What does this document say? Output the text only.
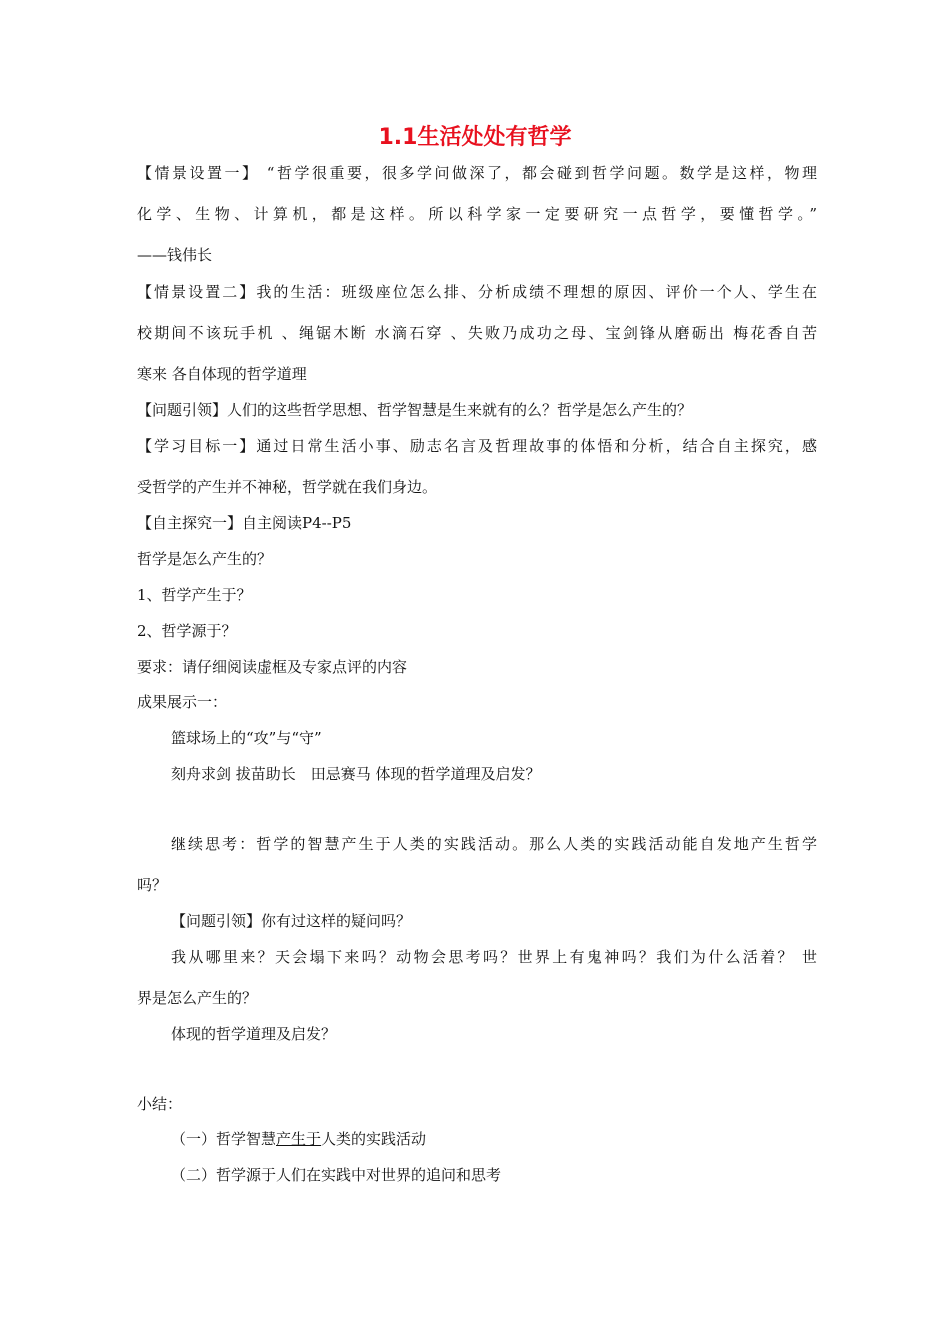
1.1生活处处有哲学
【情景设置一】 “哲学很重要，很多学问做深了，都会碰到哲学问题。数学是这样，物理
化学、生物、计算机，都是这样。所以科学家一定要研究一点哲学，要懂哲学。”
——钱伟长
【情景设置二】我的生活：班级座位怎么排、分析成绩不理想的原因、评价一个人、学生在
校期间不该玩手机 、绳锯木断 水滴石穿 、失败乃成功之母、宝剑锋从磨砺出 梅花香自苦
寒来 各自体现的哲学道理
【问题引领】人们的这些哲学思想、哲学智慧是生来就有的么？哲学是怎么产生的？
【学习目标一】通过日常生活小事、励志名言及哲理故事的体悟和分析，结合自主探究，感
受哲学的产生并不神秘，哲学就在我们身边。
【自主探究一】自主阅读P4--P5
哲学是怎么产生的？
1、哲学产生于？
2、哲学源于？
要求：请仔细阅读虚框及专家点评的内容
成果展示一：
篮球场上的“攻”与“守”
刻舟求剑 拔苗助长　田忌赛马 体现的哲学道理及启发？
继续思考：哲学的智慧产生于人类的实践活动。那么人类的实践活动能自发地产生哲学
吗？
【问题引领】你有过这样的疑问吗？
我从哪里来？天会塌下来吗？动物会思考吗？世界上有鬼神吗？我们为什么活着？ 世
界是怎么产生的？
体现的哲学道理及启发？
小结：
（一）哲学智慧产生于人类的实践活动
（二）哲学源于人们在实践中对世界的追问和思考
